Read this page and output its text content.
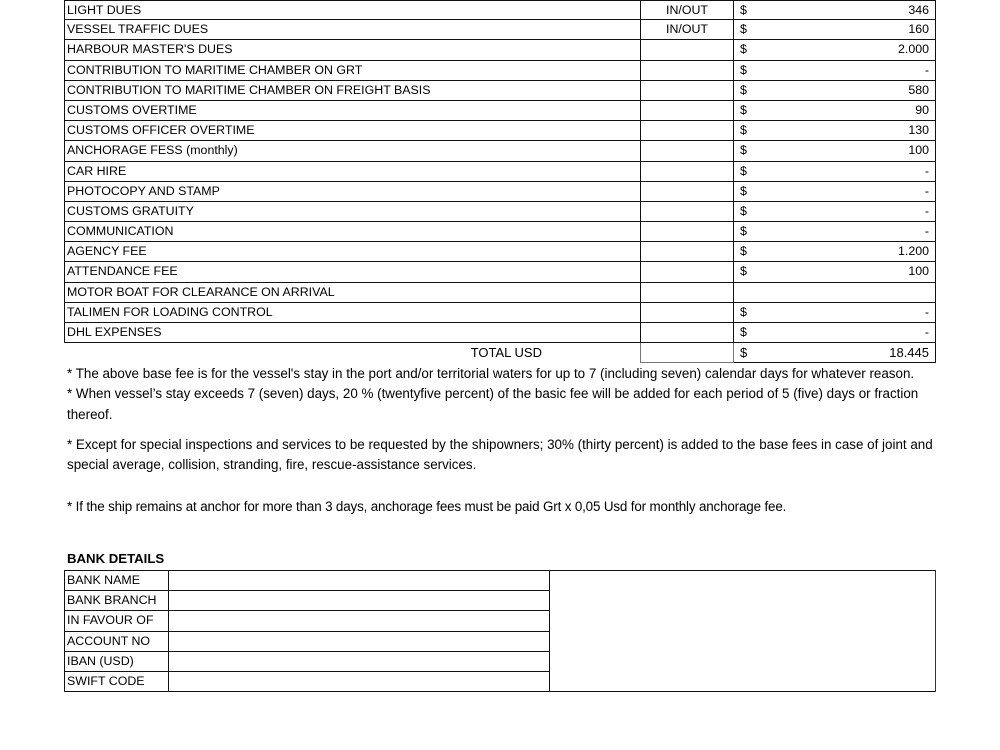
LIGHT DUES	IN/OUT	$	346
VESSEL TRAFFIC DUES	IN/OUT	$	160
HARBOUR MASTER'S DUES	$	2.000
CONTRIBUTION TO MARITIME CHAMBER ON GRT	$	-
CONTRIBUTION TO MARITIME CHAMBER ON FREIGHT BASIS	$	580
CUSTOMS OVERTIME	$	90
CUSTOMS OFFICER OVERTIME	$	130
ANCHORAGE FESS (monthly)	$	100
CAR HIRE	$	-
PHOTOCOPY AND STAMP	$	-
CUSTOMS GRATUITY	$	-
COMMUNICATION	$	-
AGENCY FEE	$	1.200
ATTENDANCE FEE	$	100
MOTOR BOAT FOR CLEARANCE ON ARRIVAL
TALIMEN FOR LOADING CONTROL	$	-
DHL EXPENSES	$	-
TOTAL USD	$	18.445

* The above base fee is for the vessel's stay in the port and/or territorial waters for up to 7 (including seven) calendar days for whatever reason.

* When vessel’s stay exceeds 7 (seven) days, 20 % (twentyfive percent) of the basic fee will be added for each period of 5 (five) days or fraction thereof.

* Except for special inspections and services to be requested by the shipowners; 30% (thirty percent) is added to the base fees in case of joint and special average, collision, stranding, fire, rescue-assistance services.

* If the ship remains at anchor for more than 3 days, anchorage fees must be paid Grt x 0,05 Usd for monthly anchorage fee.

BANK DETAILS
BANK NAME
BANK BRANCH
IN FAVOUR OF
ACCOUNT NO
IBAN (USD)
SWIFT CODE
